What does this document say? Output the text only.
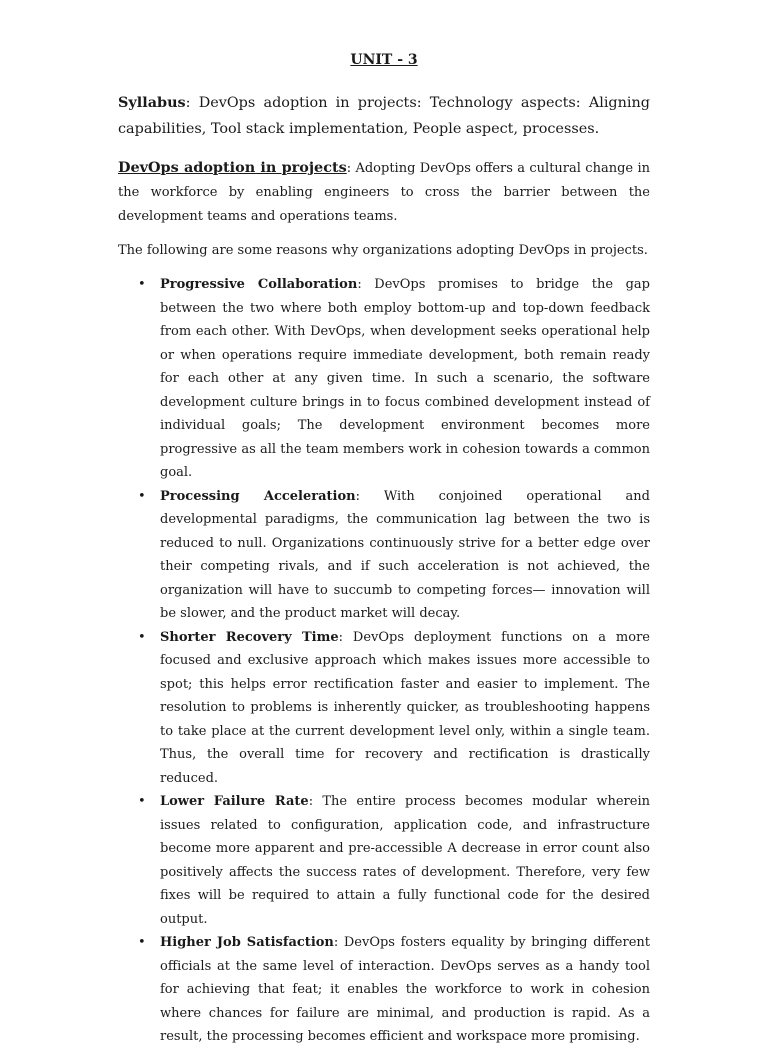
UNIT - 3

Syllabus: DevOps adoption in projects: Technology aspects: Aligning capabilities, Tool stack implementation, People aspect, processes.

DevOps adoption in projects: Adopting DevOps offers a cultural change in the workforce by enabling engineers to cross the barrier between the development teams and operations teams.

The following are some reasons why organizations adopting DevOps in projects.

• Progressive Collaboration: DevOps promises to bridge the gap between the two where both employ bottom-up and top-down feedback from each other. With DevOps, when development seeks operational help or when operations require immediate development, both remain ready for each other at any given time. In such a scenario, the software development culture brings in to focus combined development instead of individual goals; The development environment becomes more progressive as all the team members work in cohesion towards a common goal.
• Processing Acceleration: With conjoined operational and developmental paradigms, the communication lag between the two is reduced to null. Organizations continuously strive for a better edge over their competing rivals, and if such acceleration is not achieved, the organization will have to succumb to competing forces— innovation will be slower, and the product market will decay.
• Shorter Recovery Time: DevOps deployment functions on a more focused and exclusive approach which makes issues more accessible to spot; this helps error rectification faster and easier to implement. The resolution to problems is inherently quicker, as troubleshooting happens to take place at the current development level only, within a single team. Thus, the overall time for recovery and rectification is drastically reduced.
• Lower Failure Rate: The entire process becomes modular wherein issues related to configuration, application code, and infrastructure become more apparent and pre-accessible A decrease in error count also positively affects the success rates of development. Therefore, very few fixes will be required to attain a fully functional code for the desired output.
• Higher Job Satisfaction: DevOps fosters equality by bringing different officials at the same level of interaction. DevOps serves as a handy tool for achieving that feat; it enables the workforce to work in cohesion where chances for failure are minimal, and production is rapid. As a result, the processing becomes efficient and workspace more promising.
